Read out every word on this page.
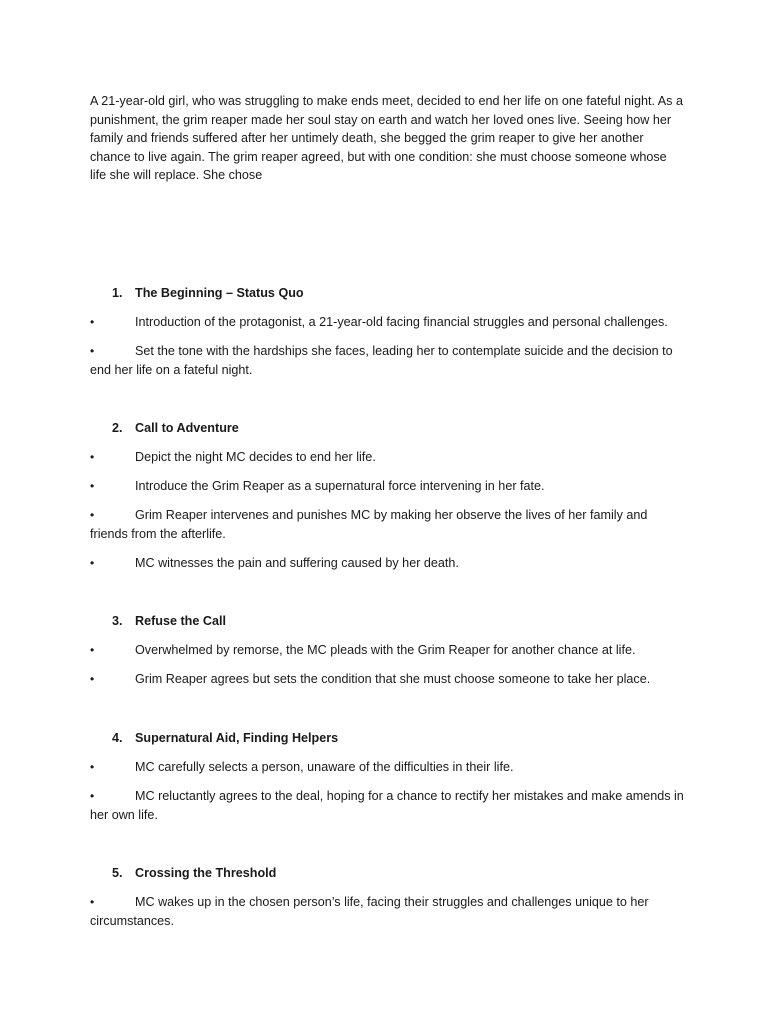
A 21-year-old girl, who was struggling to make ends meet, decided to end her life on one fateful night. As a punishment, the grim reaper made her soul stay on earth and watch her loved ones live. Seeing how her family and friends suffered after her untimely death, she begged the grim reaper to give her another chance to live again. The grim reaper agreed, but with one condition: she must choose someone whose life she will replace. She chose

1. The Beginning – Status Quo

•	Introduction of the protagonist, a 21-year-old facing financial struggles and personal challenges.

•	Set the tone with the hardships she faces, leading her to contemplate suicide and the decision to end her life on a fateful night.

2. Call to Adventure

•	Depict the night MC decides to end her life.

•	Introduce the Grim Reaper as a supernatural force intervening in her fate.

•	Grim Reaper intervenes and punishes MC by making her observe the lives of her family and friends from the afterlife.

•	MC witnesses the pain and suffering caused by her death.

3. Refuse the Call

•	Overwhelmed by remorse, the MC pleads with the Grim Reaper for another chance at life.

•	Grim Reaper agrees but sets the condition that she must choose someone to take her place.

4. Supernatural Aid, Finding Helpers

•	MC carefully selects a person, unaware of the difficulties in their life.

•	MC reluctantly agrees to the deal, hoping for a chance to rectify her mistakes and make amends in her own life.

5. Crossing the Threshold

•	MC wakes up in the chosen person’s life, facing their struggles and challenges unique to her circumstances.
